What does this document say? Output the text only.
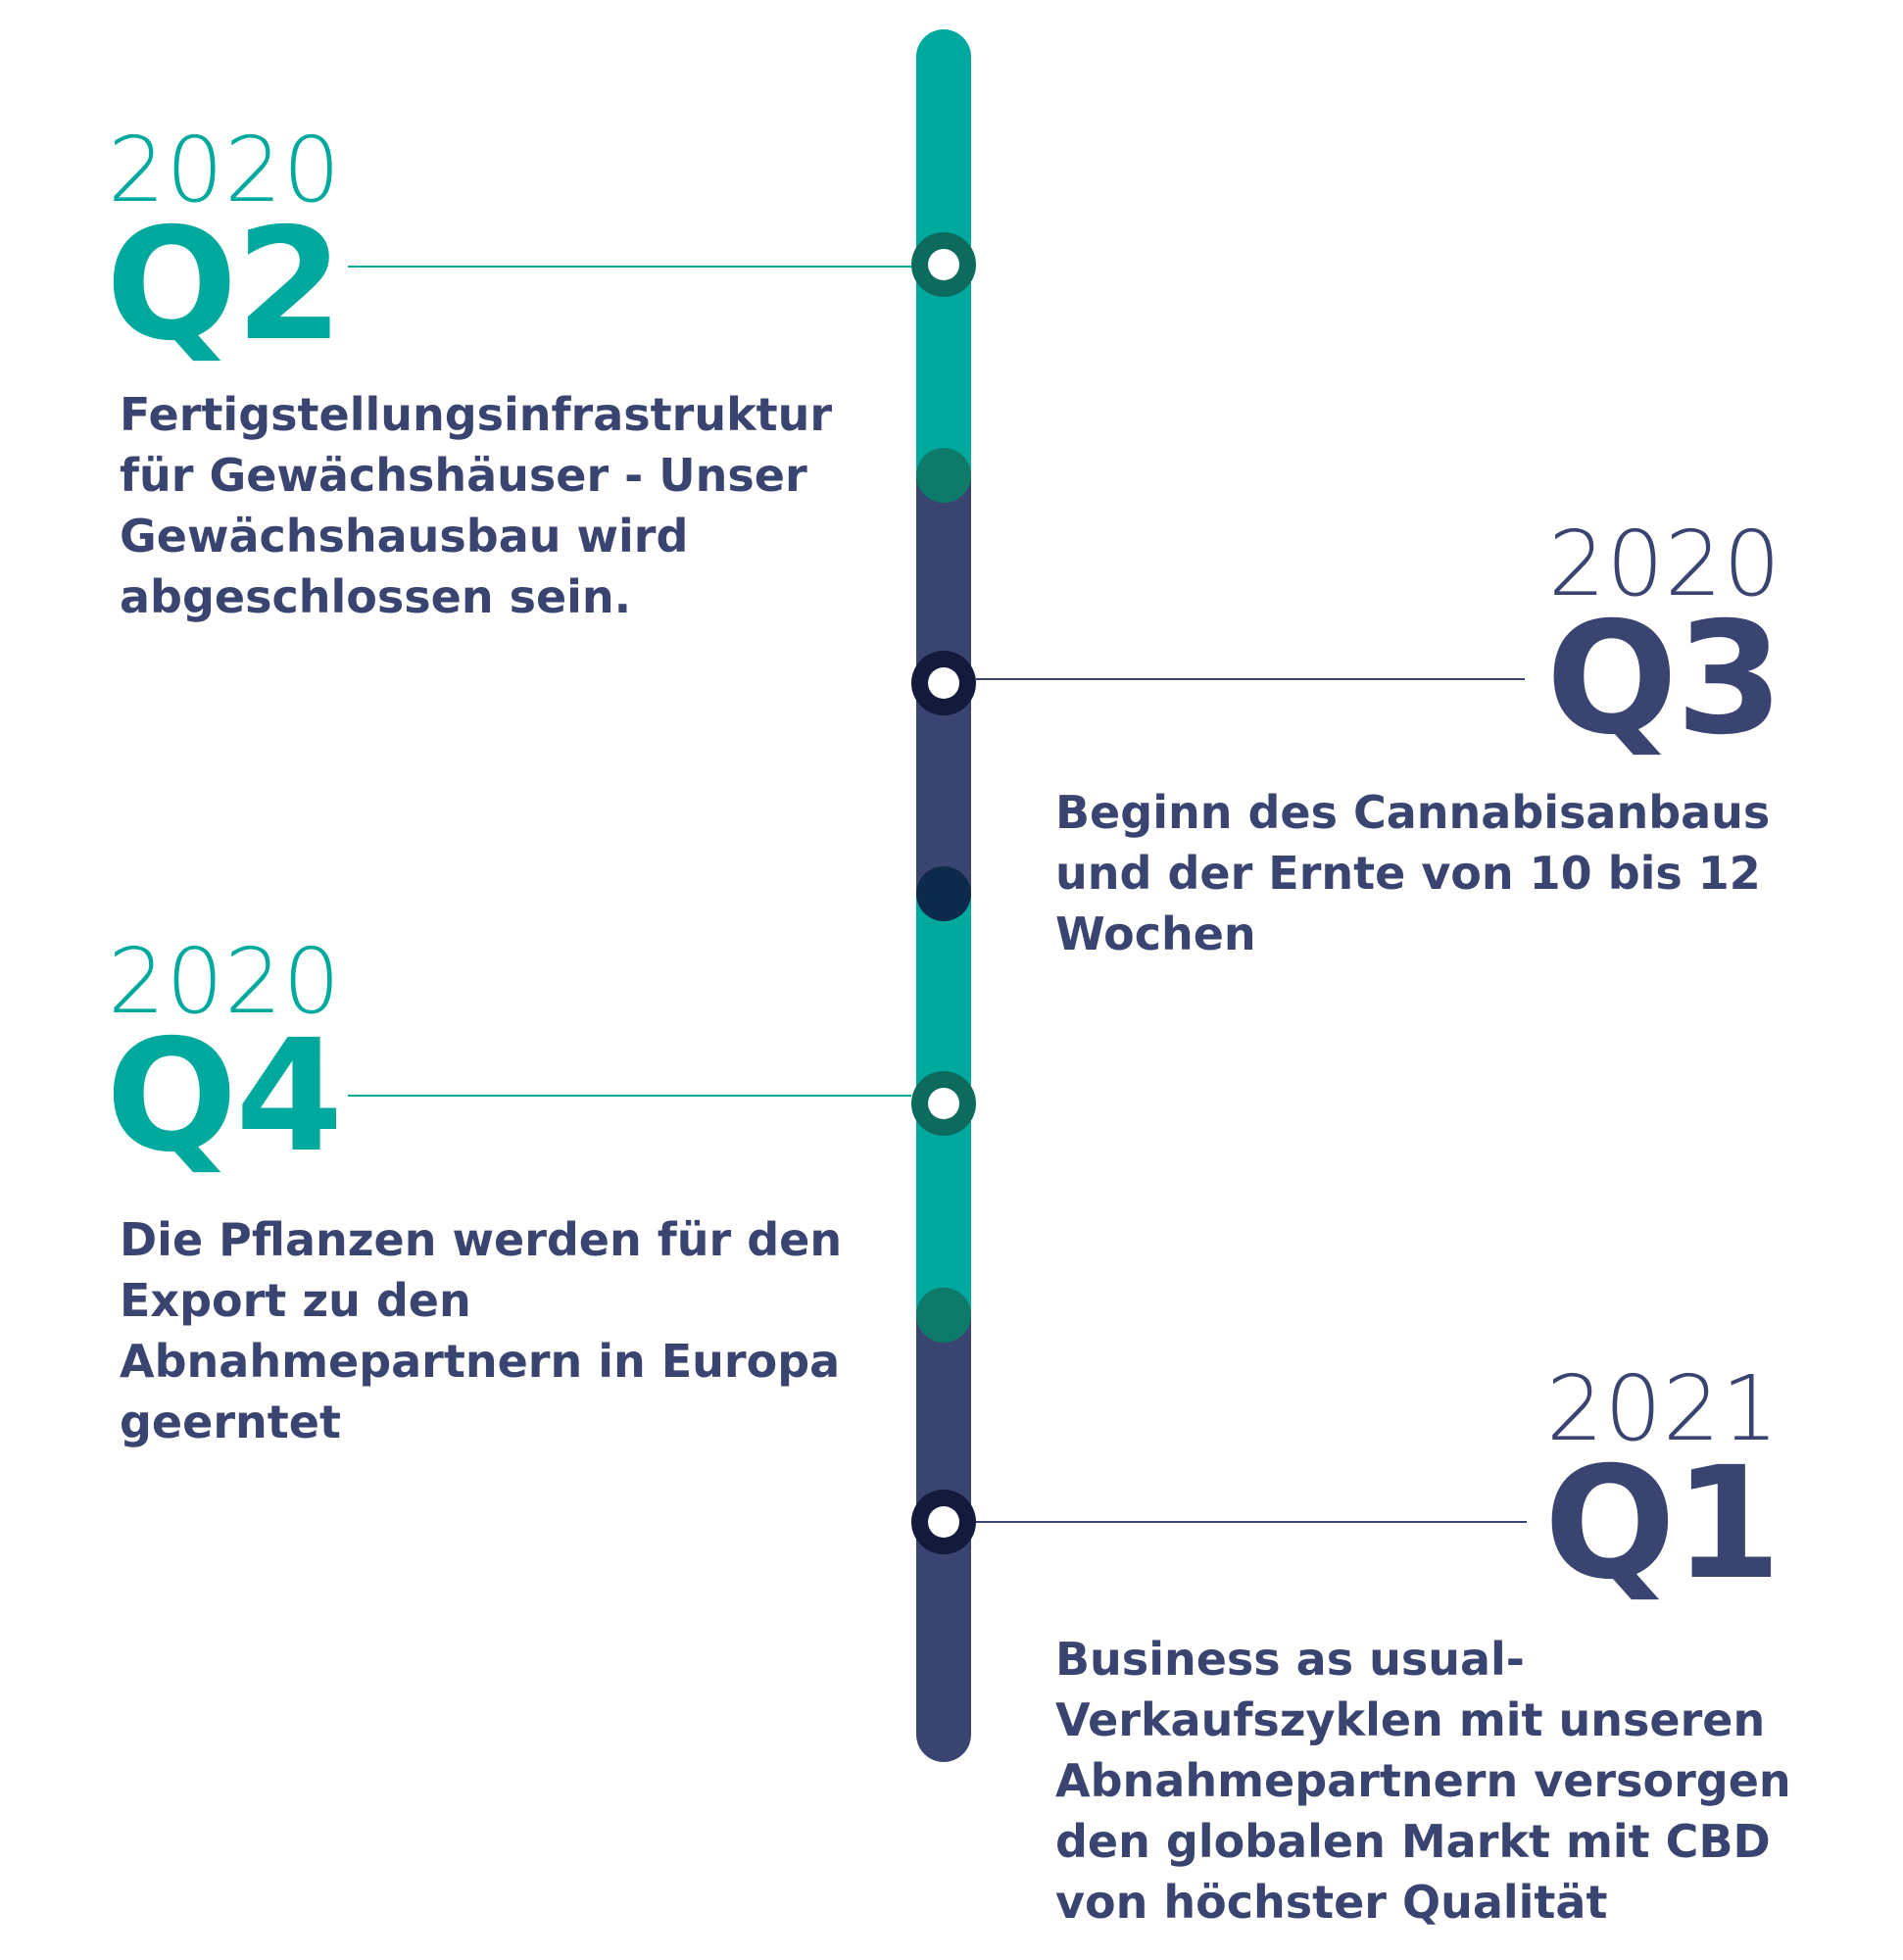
2020
Q2

Fertigstellungsinfrastruktur für Gewächshäuser - Unser Gewächshausbau wird abgeschlossen sein.	2020
Q3

Beginn des Cannabisanbaus und der Ernte von 10 bis 12 Wochen

2020
Q4

Die Pflanzen werden für den Export zu den Abnahmepartnern in Europa geerntet	2021
Q1

Business as usual-Verkaufszyklen mit unseren Abnahmepartnern versorgen den globalen Markt mit CBD von höchster Qualität
